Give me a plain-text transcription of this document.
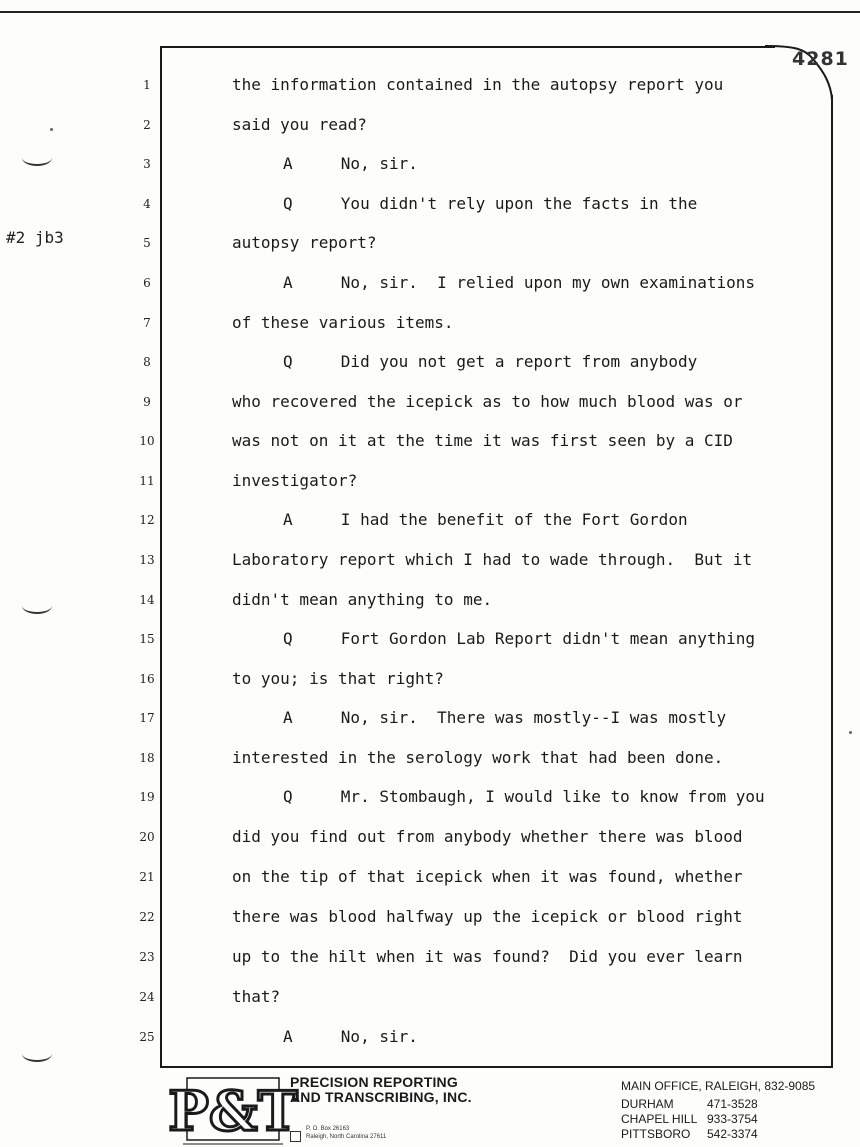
4281
#2 jb3
1	the information contained in the autopsy report you
2	said you read?
3	A     No, sir.
4	Q     You didn't rely upon the facts in the
5	autopsy report?
6	A     No, sir.  I relied upon my own examinations
7	of these various items.
8	Q     Did you not get a report from anybody
9	who recovered the icepick as to how much blood was or
10	was not on it at the time it was first seen by a CID
11	investigator?
12	A     I had the benefit of the Fort Gordon
13	Laboratory report which I had to wade through.  But it
14	didn't mean anything to me.
15	Q     Fort Gordon Lab Report didn't mean anything
16	to you; is that right?
17	A     No, sir.  There was mostly--I was mostly
18	interested in the serology work that had been done.
19	Q     Mr. Stombaugh, I would like to know from you
20	did you find out from anybody whether there was blood
21	on the tip of that icepick when it was found, whether
22	there was blood halfway up the icepick or blood right
23	up to the hilt when it was found?  Did you ever learn
24	that?
25	A     No, sir.
P&T
PRECISION REPORTING
AND TRANSCRIBING, INC.
P. O. Box 26163
Raleigh, North Carolina 27611
MAIN OFFICE, RALEIGH, 832-9085
DURHAM	471-3528
CHAPEL HILL 933-3754
PITTSBORO 542-3374
